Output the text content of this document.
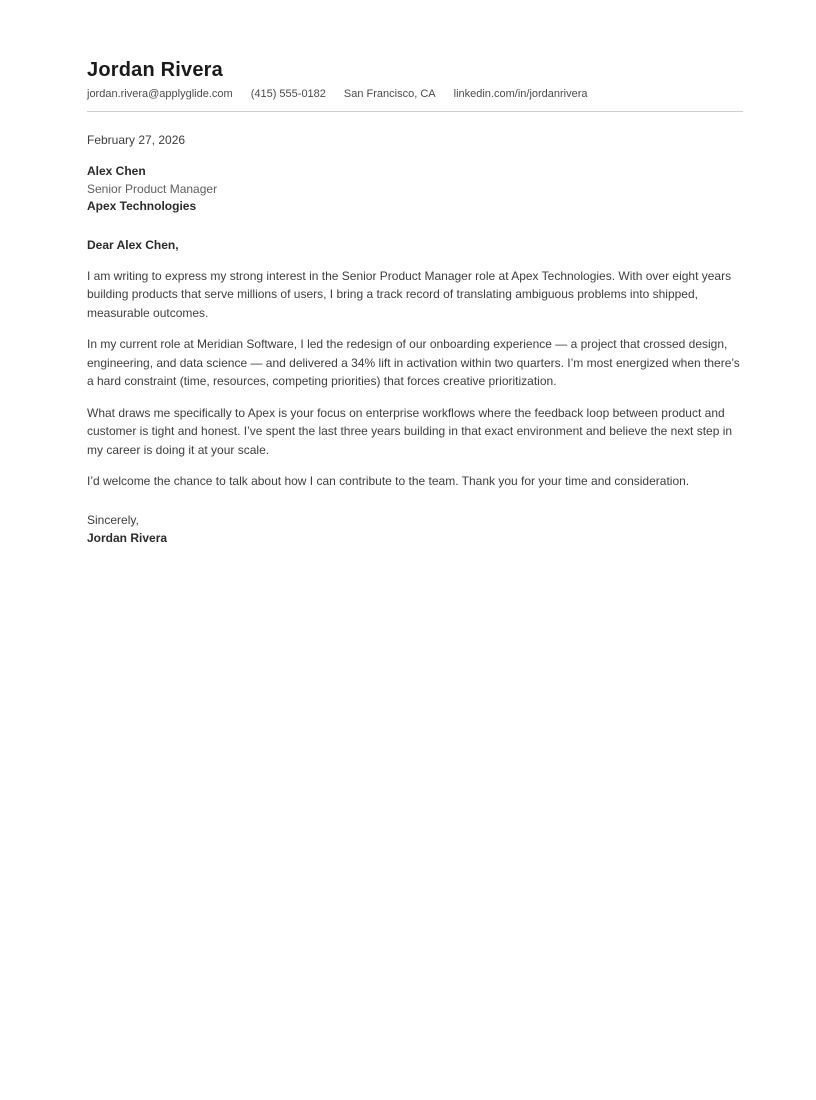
Jordan Rivera
jordan.rivera@applyglide.com (415) 555-0182 San Francisco, CA linkedin.com/in/jordanrivera

February 27, 2026

Alex Chen

Senior Product Manager

Apex Technologies

Dear Alex Chen,

I am writing to express my strong interest in the Senior Product Manager role at Apex Technologies. With over eight years building products that serve millions of users, I bring a track record of translating ambiguous problems into shipped, measurable outcomes.

In my current role at Meridian Software, I led the redesign of our onboarding experience — a project that crossed design, engineering, and data science — and delivered a 34% lift in activation within two quarters. I’m most energized when there’s a hard constraint (time, resources, competing priorities) that forces creative prioritization.

What draws me specifically to Apex is your focus on enterprise workflows where the feedback loop between product and customer is tight and honest. I’ve spent the last three years building in that exact environment and believe the next step in my career is doing it at your scale.

I’d welcome the chance to talk about how I can contribute to the team. Thank you for your time and consideration.

Sincerely,

Jordan Rivera
